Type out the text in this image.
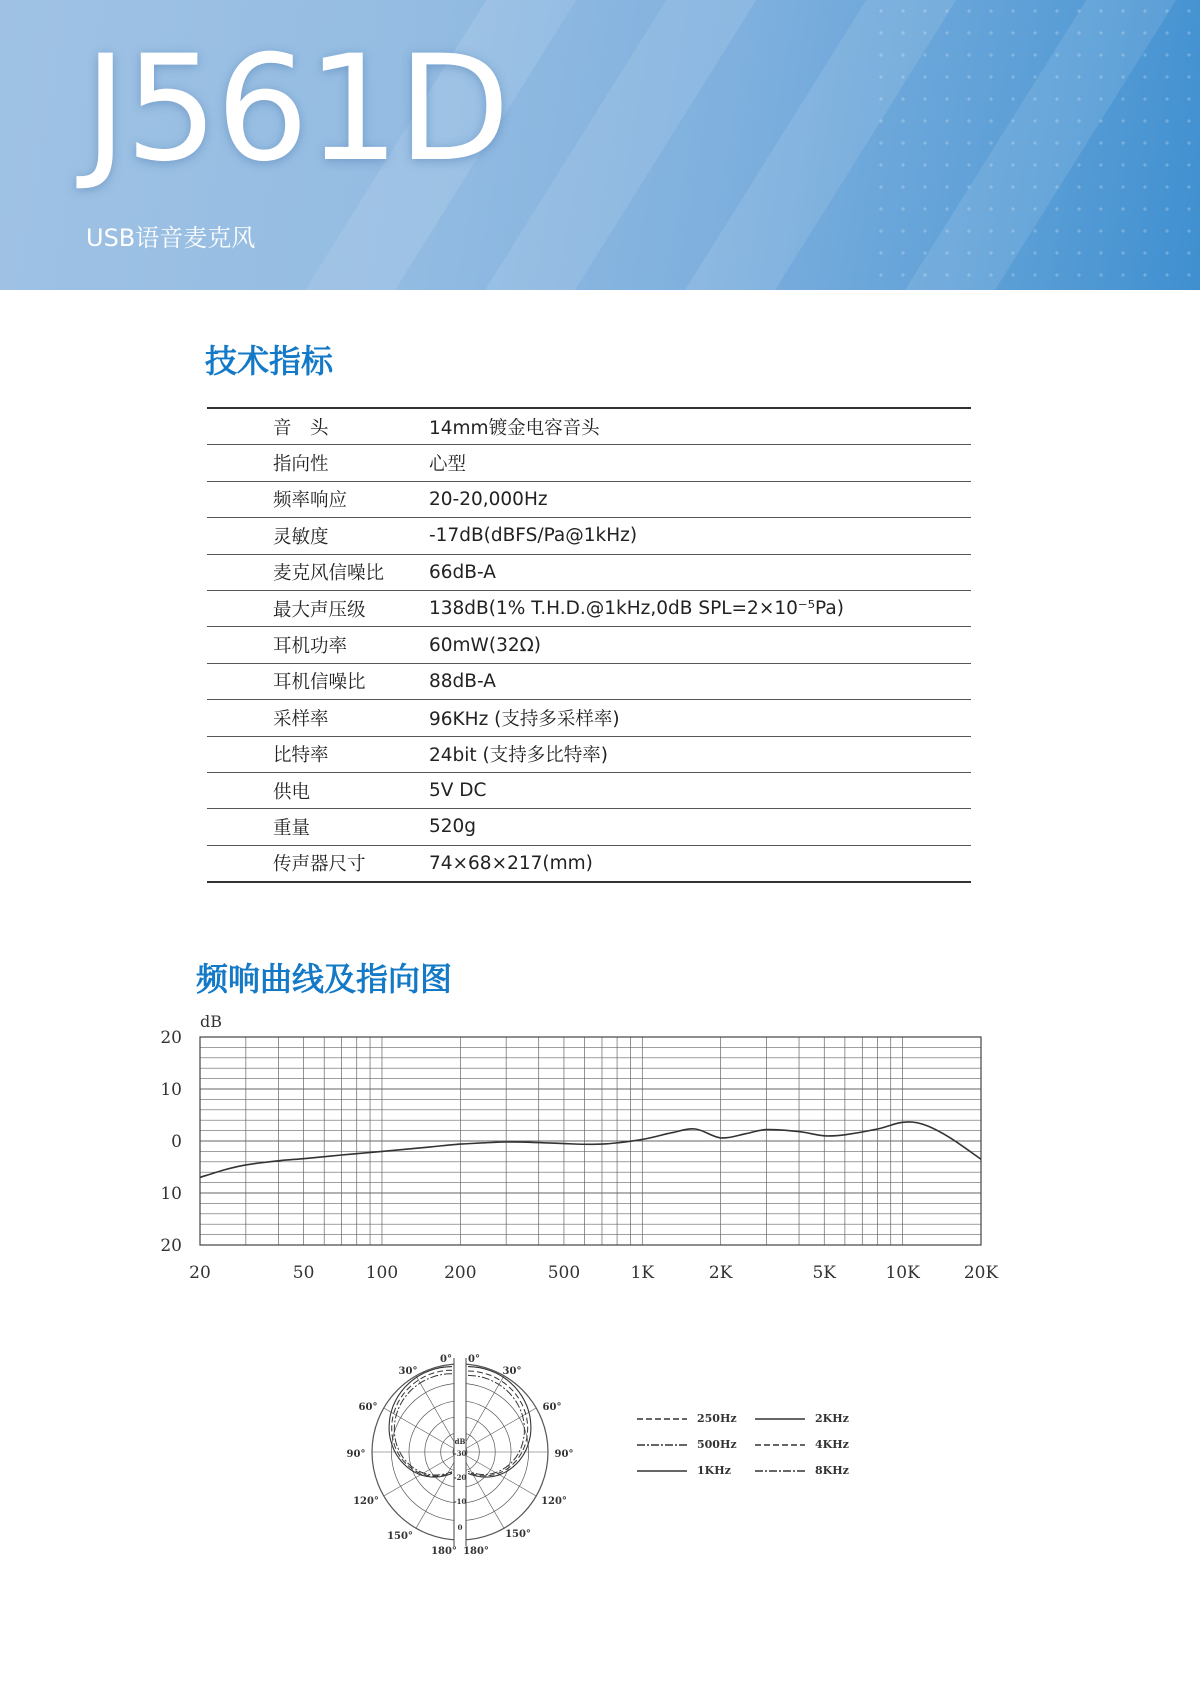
J561D
USB语音麦克风
技术指标
音　头	14mm镀金电容音头
指向性	心型
频率响应	20-20,000Hz
灵敏度	-17dB(dBFS/Pa@1kHz)
麦克风信噪比	66dB-A
最大声压级	138dB(1% T.H.D.@1kHz,0dB SPL=2×10⁻⁵Pa)
耳机功率	60mW(32Ω)
耳机信噪比	88dB-A
采样率	96KHz (支持多采样率)
比特率	24bit (支持多比特率)
供电	5V DC
重量	520g
传声器尺寸	74×68×217(mm)
频响曲线及指向图
20
10
0
10
20
20	50	100	200	500	1K	2K	5K	10K	20K
dB
0° 0°
30°	30°
60°	60°
90°	90°
120°	120°
150°	150°
180° 180°
dB
-30
-20
-10
0
250Hz
500Hz
1KHz
2KHz
4KHz
8KHz
